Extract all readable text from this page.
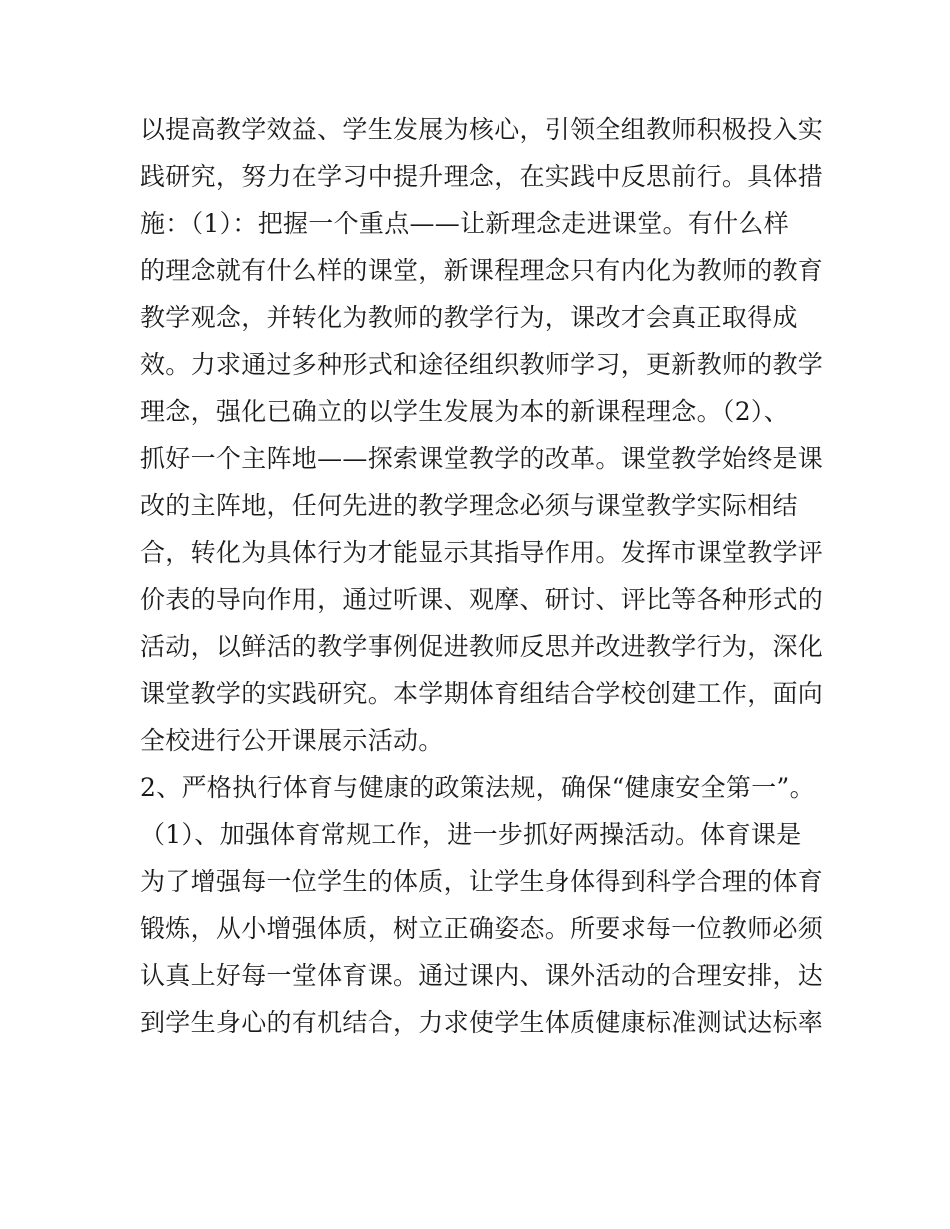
以提高教学效益、学生发展为核心，引领全组教师积极投入实
践研究，努力在学习中提升理念，在实践中反思前行。具体措
施：（1）：把握一个重点——让新理念走进课堂。有什么样
的理念就有什么样的课堂，新课程理念只有内化为教师的教育
教学观念，并转化为教师的教学行为，课改才会真正取得成
效。力求通过多种形式和途径组织教师学习，更新教师的教学
理念，强化已确立的以学生发展为本的新课程理念。（2）、
抓好一个主阵地——探索课堂教学的改革。课堂教学始终是课
改的主阵地，任何先进的教学理念必须与课堂教学实际相结
合，转化为具体行为才能显示其指导作用。发挥市课堂教学评
价表的导向作用，通过听课、观摩、研讨、评比等各种形式的
活动，以鲜活的教学事例促进教师反思并改进教学行为，深化
课堂教学的实践研究。本学期体育组结合学校创建工作，面向
全校进行公开课展示活动。
2、严格执行体育与健康的政策法规，确保“健康安全第一”。
（1）、加强体育常规工作，进一步抓好两操活动。体育课是
为了增强每一位学生的体质，让学生身体得到科学合理的体育
锻炼，从小增强体质，树立正确姿态。所要求每一位教师必须
认真上好每一堂体育课。通过课内、课外活动的合理安排，达
到学生身心的有机结合，力求使学生体质健康标准测试达标率
